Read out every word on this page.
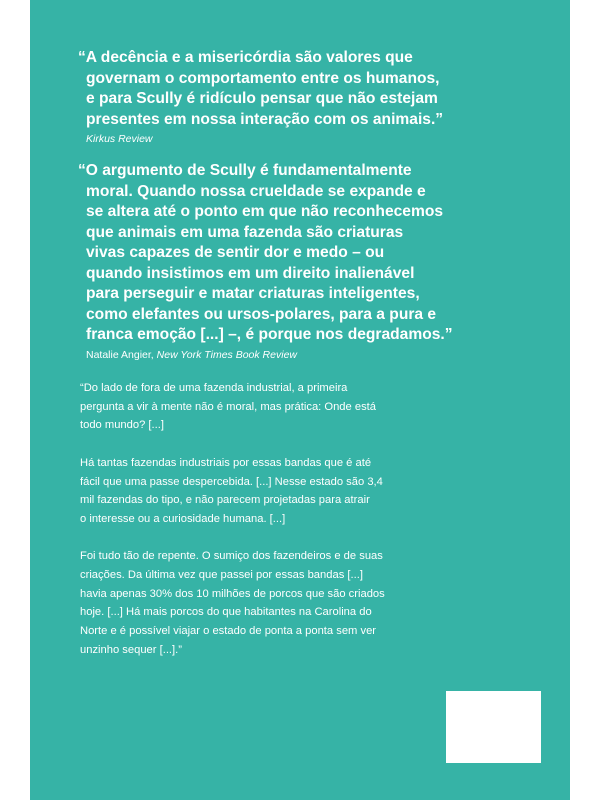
“A decência e a misericórdia são valores que
governam o comportamento entre os humanos,
e para Scully é ridículo pensar que não estejam
presentes em nossa interação com os animais.”

Kirkus Review

“O argumento de Scully é fundamentalmente
moral. Quando nossa crueldade se expande e
se altera até o ponto em que não reconhecemos
que animais em uma fazenda são criaturas
vivas capazes de sentir dor e medo – ou
quando insistimos em um direito inalienável
para perseguir e matar criaturas inteligentes,
como elefantes ou ursos-polares, para a pura e
franca emoção [...] –, é porque nos degradamos.”

Natalie Angier, New York Times Book Review

“Do lado de fora de uma fazenda industrial, a primeira
pergunta a vir à mente não é moral, mas prática: Onde está
todo mundo? [...]

Há tantas fazendas industriais por essas bandas que é até
fácil que uma passe despercebida. [...] Nesse estado são 3,4
mil fazendas do tipo, e não parecem projetadas para atrair
o interesse ou a curiosidade humana. [...]

Foi tudo tão de repente. O sumiço dos fazendeiros e de suas
criações. Da última vez que passei por essas bandas [...]
havia apenas 30% dos 10 milhões de porcos que são criados
hoje. [...] Há mais porcos do que habitantes na Carolina do
Norte e é possível viajar o estado de ponta a ponta sem ver
unzinho sequer [...].”
